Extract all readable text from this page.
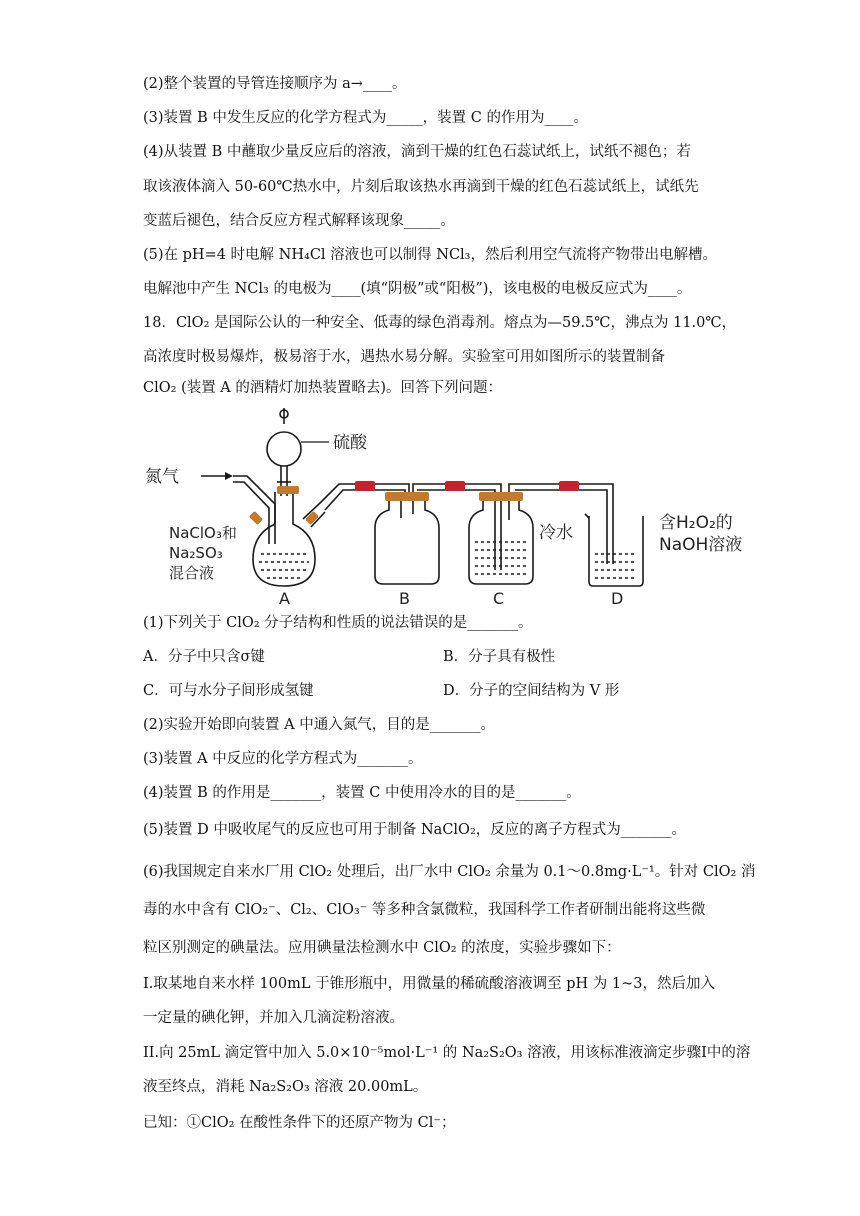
(2)整个装置的导管连接顺序为 a→____。
(3)装置 B 中发生反应的化学方程式为_____，装置 C 的作用为____。
(4)从装置 B 中蘸取少量反应后的溶液，滴到干燥的红色石蕊试纸上，试纸不褪色；若
取该液体滴入 50-60℃热水中，片刻后取该热水再滴到干燥的红色石蕊试纸上，试纸先
变蓝后褪色，结合反应方程式解释该现象_____。
(5)在 pH=4 时电解 NH₄Cl 溶液也可以制得 NCl₃，然后利用空气流将产物带出电解槽。
电解池中产生 NCl₃ 的电极为____(填“阴极”或“阳极”)，该电极的电极反应式为____。
18．ClO₂ 是国际公认的一种安全、低毒的绿色消毒剂。熔点为—59.5℃，沸点为 11.0℃，
高浓度时极易爆炸，极易溶于水，遇热水易分解。实验室可用如图所示的装置制备
ClO₂ (装置 A 的酒精灯加热装置略去)。回答下列问题：
氮气
硫酸
冷水	含H₂O₂的
NaOH溶液
NaClO₃和
Na₂SO₃
混合液
A	B	C	D
(1)下列关于 ClO₂ 分子结构和性质的说法错误的是_______。
A．分子中只含σ键	B．分子具有极性
C．可与水分子间形成氢键	D．分子的空间结构为 V 形
(2)实验开始即向装置 A 中通入氮气，目的是_______。
(3)装置 A 中反应的化学方程式为_______。
(4)装置 B 的作用是_______，装置 C 中使用冷水的目的是_______。
(5)装置 D 中吸收尾气的反应也可用于制备 NaClO₂，反应的离子方程式为_______。
(6)我国规定自来水厂用 ClO₂ 处理后，出厂水中 ClO₂ 余量为 0.1～0.8mg·L⁻¹。针对 ClO₂ 消
毒的水中含有 ClO₂⁻、Cl₂、ClO₃⁻ 等多种含氯微粒，我国科学工作者研制出能将这些微
粒区别测定的碘量法。应用碘量法检测水中 ClO₂ 的浓度，实验步骤如下：
I.取某地自来水样 100mL 于锥形瓶中，用微量的稀硫酸溶液调至 pH 为 1~3，然后加入
一定量的碘化钾，并加入几滴淀粉溶液。
II.向 25mL 滴定管中加入 5.0×10⁻⁵mol·L⁻¹ 的 Na₂S₂O₃ 溶液，用该标准液滴定步骤I中的溶
液至终点，消耗 Na₂S₂O₃ 溶液 20.00mL。
已知：①ClO₂ 在酸性条件下的还原产物为 Cl⁻；
